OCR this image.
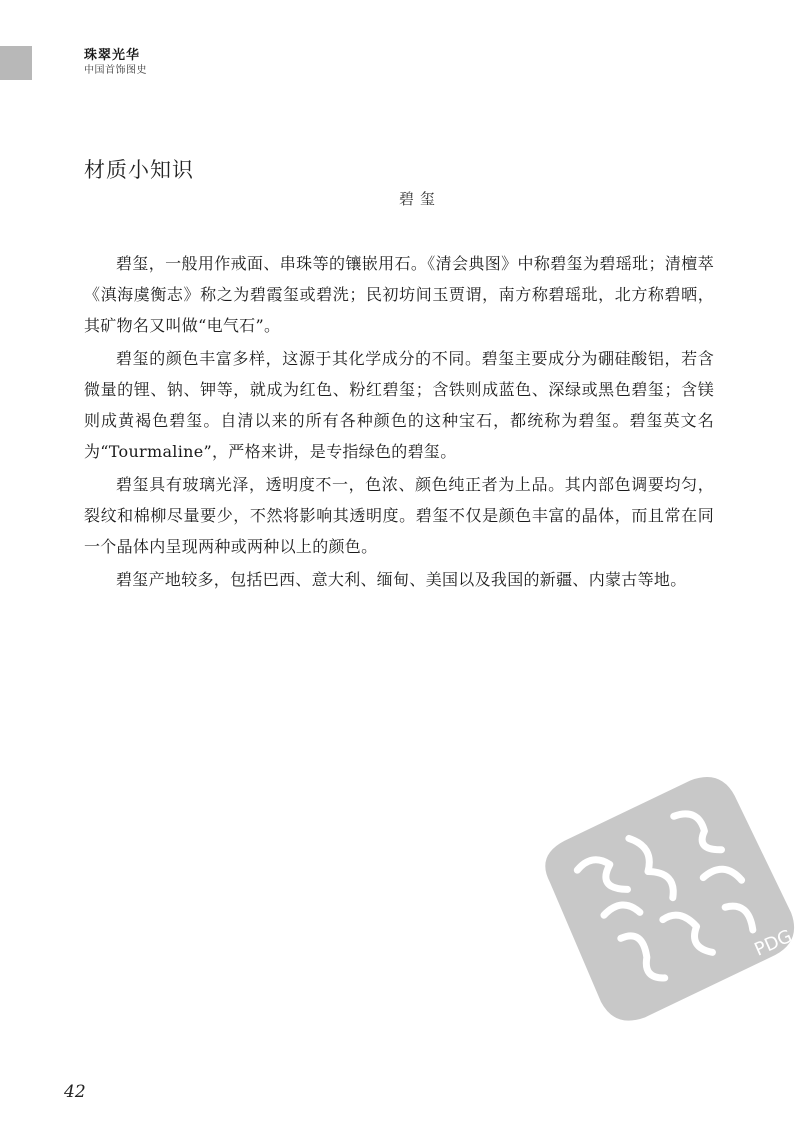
珠翠光华
中国首饰图史
材质小知识
碧玺

碧玺，一般用作戒面、串珠等的镶嵌用石。《清会典图》中称碧玺为碧瑶玭；清檀萃《滇海虞衡志》称之为碧霞玺或碧洗；民初坊间玉贾谓，南方称碧瑶玭，北方称碧晒，其矿物名又叫做“电气石”。

碧玺的颜色丰富多样，这源于其化学成分的不同。碧玺主要成分为硼硅酸铝，若含微量的锂、钠、钾等，就成为红色、粉红碧玺；含铁则成蓝色、深绿或黑色碧玺；含镁则成黄褐色碧玺。自清以来的所有各种颜色的这种宝石，都统称为碧玺。碧玺英文名为“Tourmaline”，严格来讲，是专指绿色的碧玺。

碧玺具有玻璃光泽，透明度不一，色浓、颜色纯正者为上品。其内部色调要均匀，裂纹和棉柳尽量要少，不然将影响其透明度。碧玺不仅是颜色丰富的晶体，而且常在同一个晶体内呈现两种或两种以上的颜色。

碧玺产地较多，包括巴西、意大利、缅甸、美国以及我国的新疆、内蒙古等地。

PDG
42
